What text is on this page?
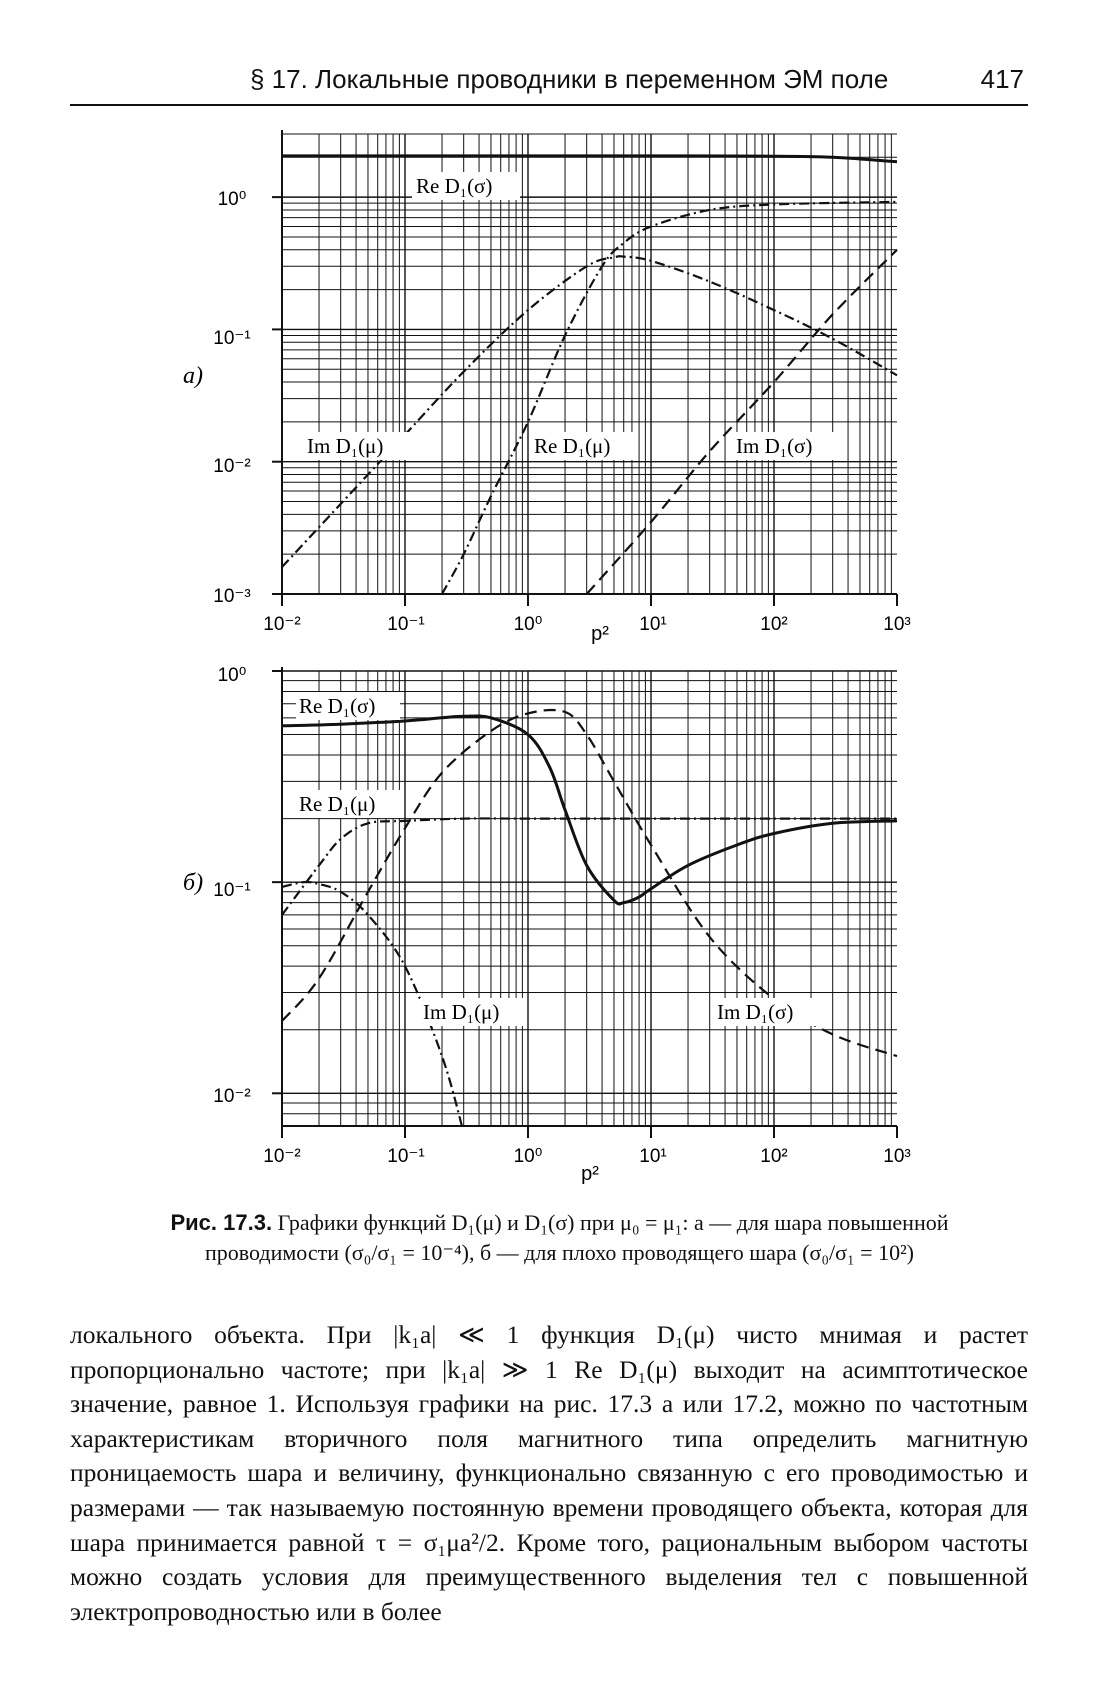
§ 17. Локальные проводники в переменном ЭМ поле	417
а)
10⁰
10⁻¹
10⁻²
10⁻³
10⁻²	10⁻¹	10⁰	10¹	10²	10³
p²
Re D₁(σ)
Im D₁(μ)	Re D₁(μ)	Im D₁(σ)
б)
10⁰
10⁻¹
10⁻²
10⁻²	10⁻¹	10⁰	10¹	10²	10³
p²
Re D₁(σ)
Re D₁(μ)
Im D₁(μ)	Im D₁(σ)
Рис. 17.3. Графики функций D₁(μ) и D₁(σ) при μ₀ = μ₁: а — для шара повышенной
проводимости (σ₀/σ₁ = 10⁻⁴), б — для плохо проводящего шара (σ₀/σ₁ = 10²)

локального объекта. При |k₁a| ≪ 1 функция D₁(μ) чисто мнимая и растет пропорционально частоте; при |k₁a| ≫ 1 Re D₁(μ) выходит на асимптотическое значение, равное 1. Используя графики на рис. 17.3 а или 17.2, можно по частотным характеристикам вторичного поля магнитного типа определить магнитную проницаемость шара и величину, функционально связанную с его проводимостью и размерами — так называемую постоянную времени проводящего объекта, которая для шара принимается равной τ = σ₁μa²/2. Кроме того, рациональным выбором частоты можно создать условия для преимущественного выделения тел с повышенной электропроводностью или в более
